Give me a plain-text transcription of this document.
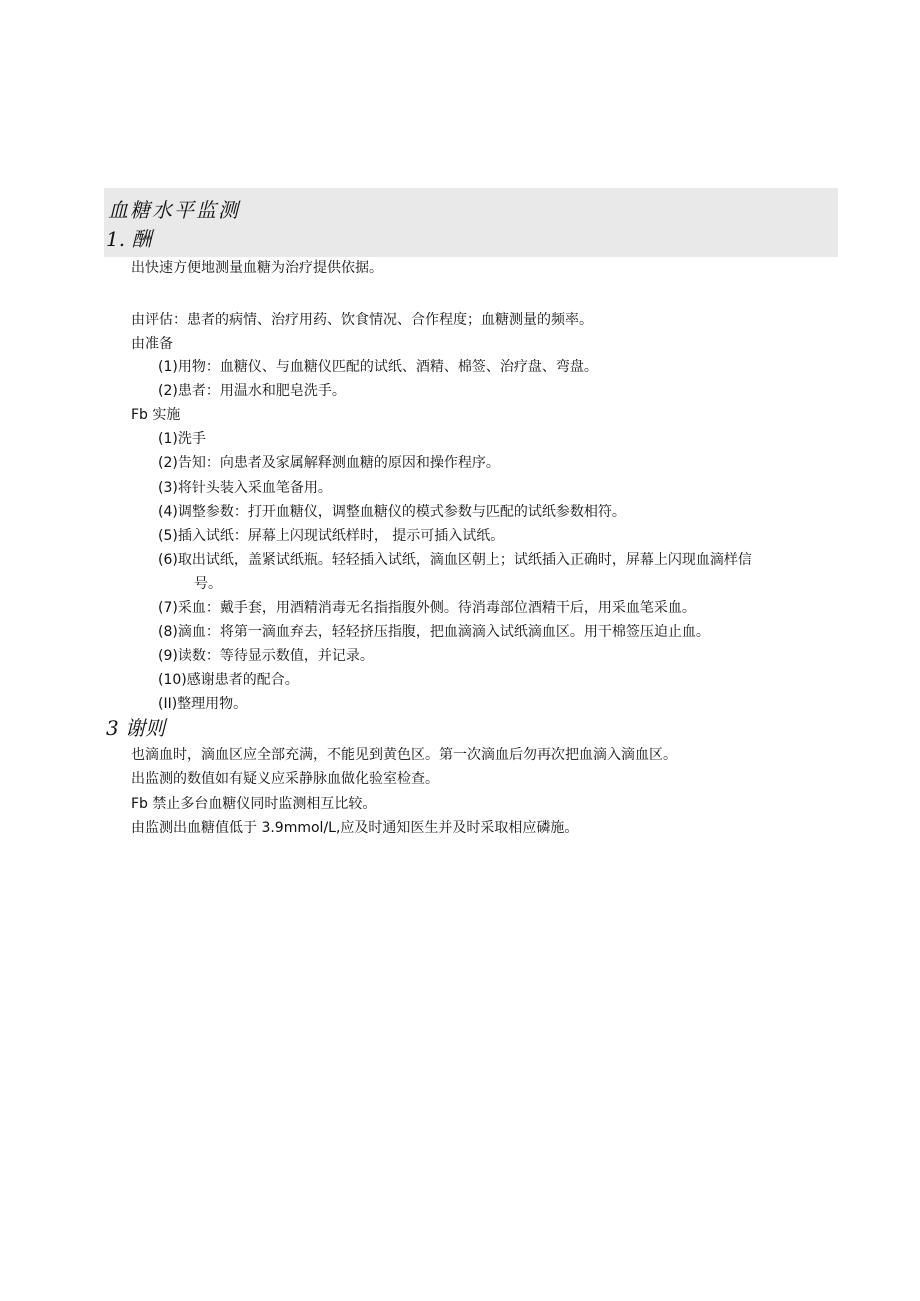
血糖水平监测
1. 酬
出快速方便地测量血糖为治疗提供依据。
由评估：患者的病情、治疗用药、饮食情况、合作程度；血糖测量的频率。
由准备
(1)用物：血糖仪、与血糖仪匹配的试纸、酒精、棉签、治疗盘、弯盘。
(2)患者：用温水和肥皂洗手。
Fb 实施
(1)洗手
(2)告知：向患者及家属解释测血糖的原因和操作程序。
(3)将针头装入采血笔备用。
(4)调整参数：打开血糖仪，调整血糖仪的模式参数与匹配的试纸参数相符。
(5)插入试纸：屏幕上闪现试纸样时， 提示可插入试纸。
(6)取出试纸，盖紧试纸瓶。轻轻插入试纸，滴血区朝上；试纸插入正确时，屏幕上闪现血滴样信
号。
(7)采血：戴手套，用酒精消毒无名指指腹外侧。待消毒部位酒精干后，用采血笔采血。
(8)滴血：将第一滴血弃去，轻轻挤压指腹，把血滴滴入试纸滴血区。用干棉签压迫止血。
(9)读数：等待显示数值，并记录。
(10)感谢患者的配合。
(II)整理用物。
3 谢则
也滴血时，滴血区应全部充满，不能见到黄色区。第一次滴血后勿再次把血滴入滴血区。
出监测的数值如有疑义应采静脉血做化验室检查。
Fb 禁止多台血糖仪同时监测相互比较。
由监测出血糖值低于 3.9mmol/L,应及时通知医生并及时采取相应磷施。
